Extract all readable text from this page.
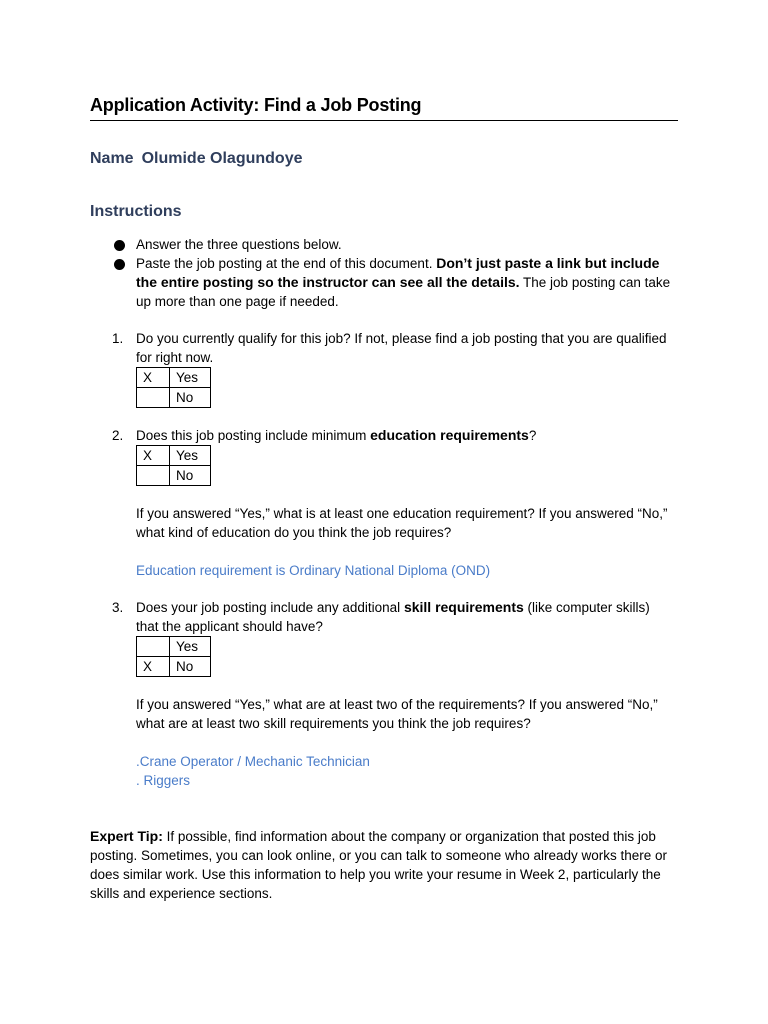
Application Activity: Find a Job Posting
Name Olumide Olagundoye
Instructions
Answer the three questions below.
Paste the job posting at the end of this document. Don’t just paste a link but include the entire posting so the instructor can see all the details. The job posting can take up more than one page if needed.
1. Do you currently qualify for this job? If not, please find a job posting that you are qualified for right now.
X	Yes
	No
2. Does this job posting include minimum education requirements?
X	Yes
	No
If you answered “Yes,” what is at least one education requirement? If you answered “No,” what kind of education do you think the job requires?
Education requirement is Ordinary National Diploma (OND)
3. Does your job posting include any additional skill requirements (like computer skills) that the applicant should have?
	Yes
X	No
If you answered “Yes,” what are at least two of the requirements? If you answered “No,” what are at least two skill requirements you think the job requires?
.Crane Operator / Mechanic Technician
. Riggers
Expert Tip: If possible, find information about the company or organization that posted this job posting. Sometimes, you can look online, or you can talk to someone who already works there or does similar work. Use this information to help you write your resume in Week 2, particularly the skills and experience sections.
